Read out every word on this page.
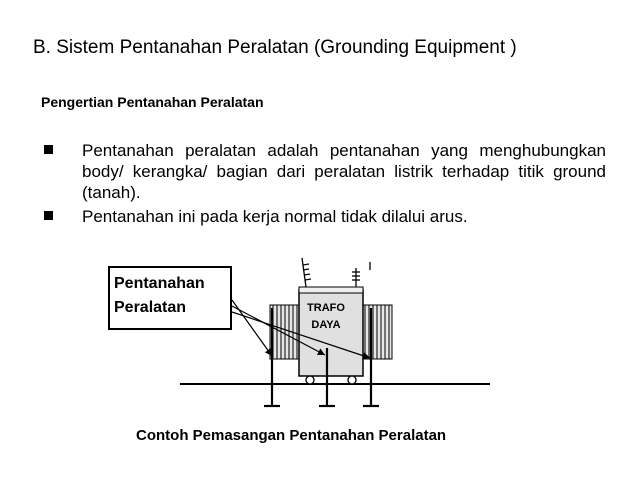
B. Sistem Pentanahan Peralatan (Grounding Equipment )
Pengertian Pentanahan Peralatan
Pentanahan peralatan adalah pentanahan yang menghubungkan body/ kerangka/ bagian dari peralatan listrik terhadap titik ground (tanah).
Pentanahan ini pada kerja normal tidak dilalui arus.
Pentanahan
Peralatan	TRAFO
DAYA
Contoh Pemasangan Pentanahan Peralatan
